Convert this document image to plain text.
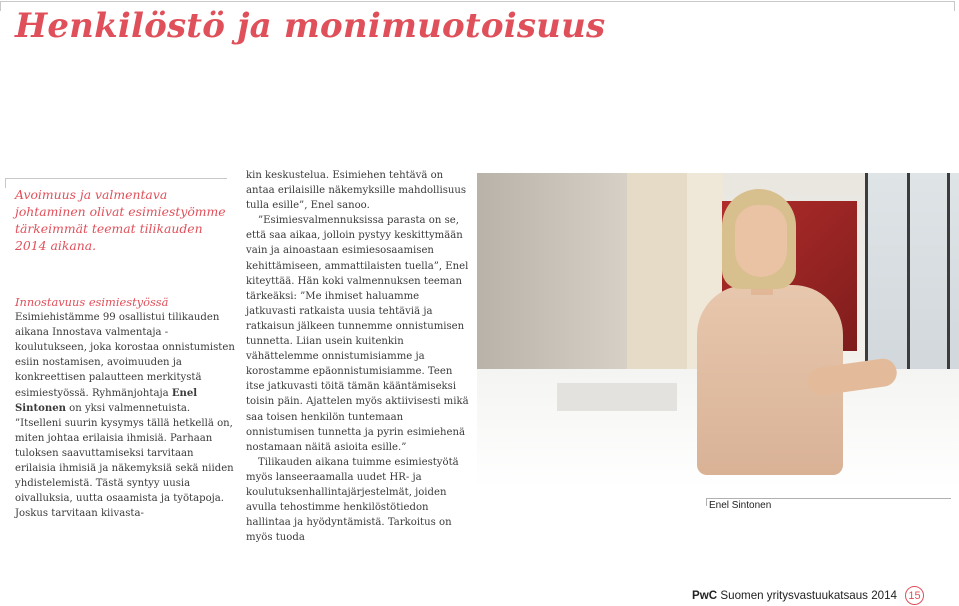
Henkilöstö ja monimuotoisuus

Avoimuus ja valmentava johtaminen olivat esimiestyömme tärkeimmät teemat tilikauden 2014 aikana.

Innostavuus esimiestyössä

Esimiehistämme 99 osallistui tilikauden aikana Innostava valmentaja -koulutukseen, joka korostaa onnistumisten esiin nostamisen, avoimuuden ja konkreettisen palautteen merkitystä esimiestyössä. Ryhmänjohtaja Enel Sintonen on yksi valmennetuista. ”Itselleni suurin kysymys tällä hetkellä on, miten johtaa erilaisia ihmisiä. Parhaan tuloksen saavuttamiseksi tarvitaan erilaisia ihmisiä ja näkemyksiä sekä niiden yhdistelemistä. Tästä syntyy uusia oivalluksia, uutta osaamista ja työtapoja. Joskus tarvitaan kiivasta-

kin keskustelua. Esimiehen tehtävä on antaa erilaisille näkemyksille mahdollisuus tulla esille”, Enel sanoo.

”Esimiesvalmennuksissa parasta on se, että saa aikaa, jolloin pystyy keskittymään vain ja ainoastaan esimiesosaamisen kehittämiseen, ammattilaisten tuella”, Enel kiteyttää. Hän koki valmennuksen teeman tärkeäksi: ”Me ihmiset haluamme jatkuvasti ratkaista uusia tehtäviä ja ratkaisun jälkeen tunnemme onnistumisen tunnetta. Liian usein kuitenkin vähättelemme onnistumisiamme ja korostamme epäonnistumisiamme. Teen itse jatkuvasti töitä tämän kääntämiseksi toisin päin. Ajattelen myös aktiivisesti mikä saa toisen henkilön tuntemaan onnistumisen tunnetta ja pyrin esimiehenä nostamaan näitä asioita esille.”

Tilikauden aikana tuimme esimiestyötä myös lanseeraamalla uudet HR- ja koulutuksenhallintajärjestelmät, joiden avulla tehostimme henkilöstötiedon hallintaa ja hyödyntämistä. Tarkoitus on myös tuoda

Enel Sintonen

PwC Suomen yritysvastuukatsaus 2014	15
